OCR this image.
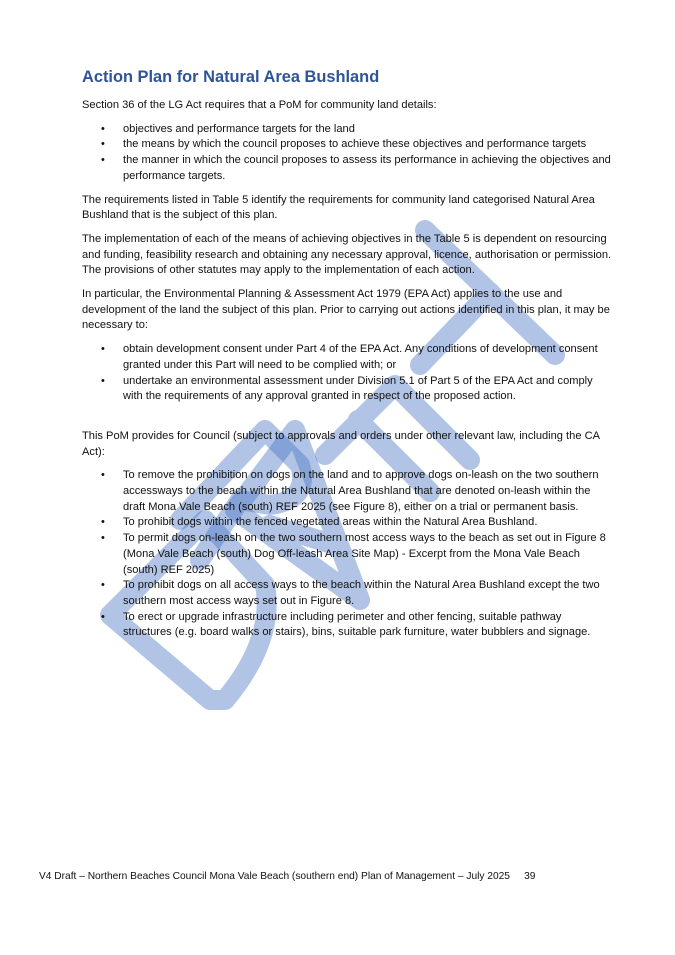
Action Plan for Natural Area Bushland

Section 36 of the LG Act requires that a PoM for community land details:

• objectives and performance targets for the land
• the means by which the council proposes to achieve these objectives and performance targets
• the manner in which the council proposes to assess its performance in achieving the objectives and performance targets.

The requirements listed in Table 5 identify the requirements for community land categorised Natural Area Bushland that is the subject of this plan.

The implementation of each of the means of achieving objectives in the Table 5 is dependent on resourcing and funding, feasibility research and obtaining any necessary approval, licence, authorisation or permission. The provisions of other statutes may apply to the implementation of each action.

In particular, the Environmental Planning & Assessment Act 1979 (EPA Act) applies to the use and development of the land the subject of this plan. Prior to carrying out actions identified in this plan, it may be necessary to:

• obtain development consent under Part 4 of the EPA Act. Any conditions of development consent granted under this Part will need to be complied with; or
• undertake an environmental assessment under Division 5.1 of Part 5 of the EPA Act and comply with the requirements of any approval granted in respect of the proposed action.

This PoM provides for Council (subject to approvals and orders under other relevant law, including the CA Act):

• To remove the prohibition on dogs on the land and to approve dogs on-leash on the two southern accessways to the beach within the Natural Area Bushland that are denoted on-leash within the draft Mona Vale Beach (south) REF 2025 (see Figure 8), either on a trial or permanent basis.
• To prohibit dogs within the fenced vegetated areas within the Natural Area Bushland.
• To permit dogs on-leash on the two southern most access ways to the beach as set out in Figure 8 (Mona Vale Beach (south) Dog Off-leash Area Site Map) - Excerpt from the Mona Vale Beach (south) REF 2025)
• To prohibit dogs on all access ways to the beach within the Natural Area Bushland except the two southern most access ways set out in Figure 8.
• To erect or upgrade infrastructure including perimeter and other fencing, suitable pathway structures (e.g. board walks or stairs), bins, suitable park furniture, water bubblers and signage.
V4 Draft – Northern Beaches Council Mona Vale Beach (southern end) Plan of Management – July 2025 39
